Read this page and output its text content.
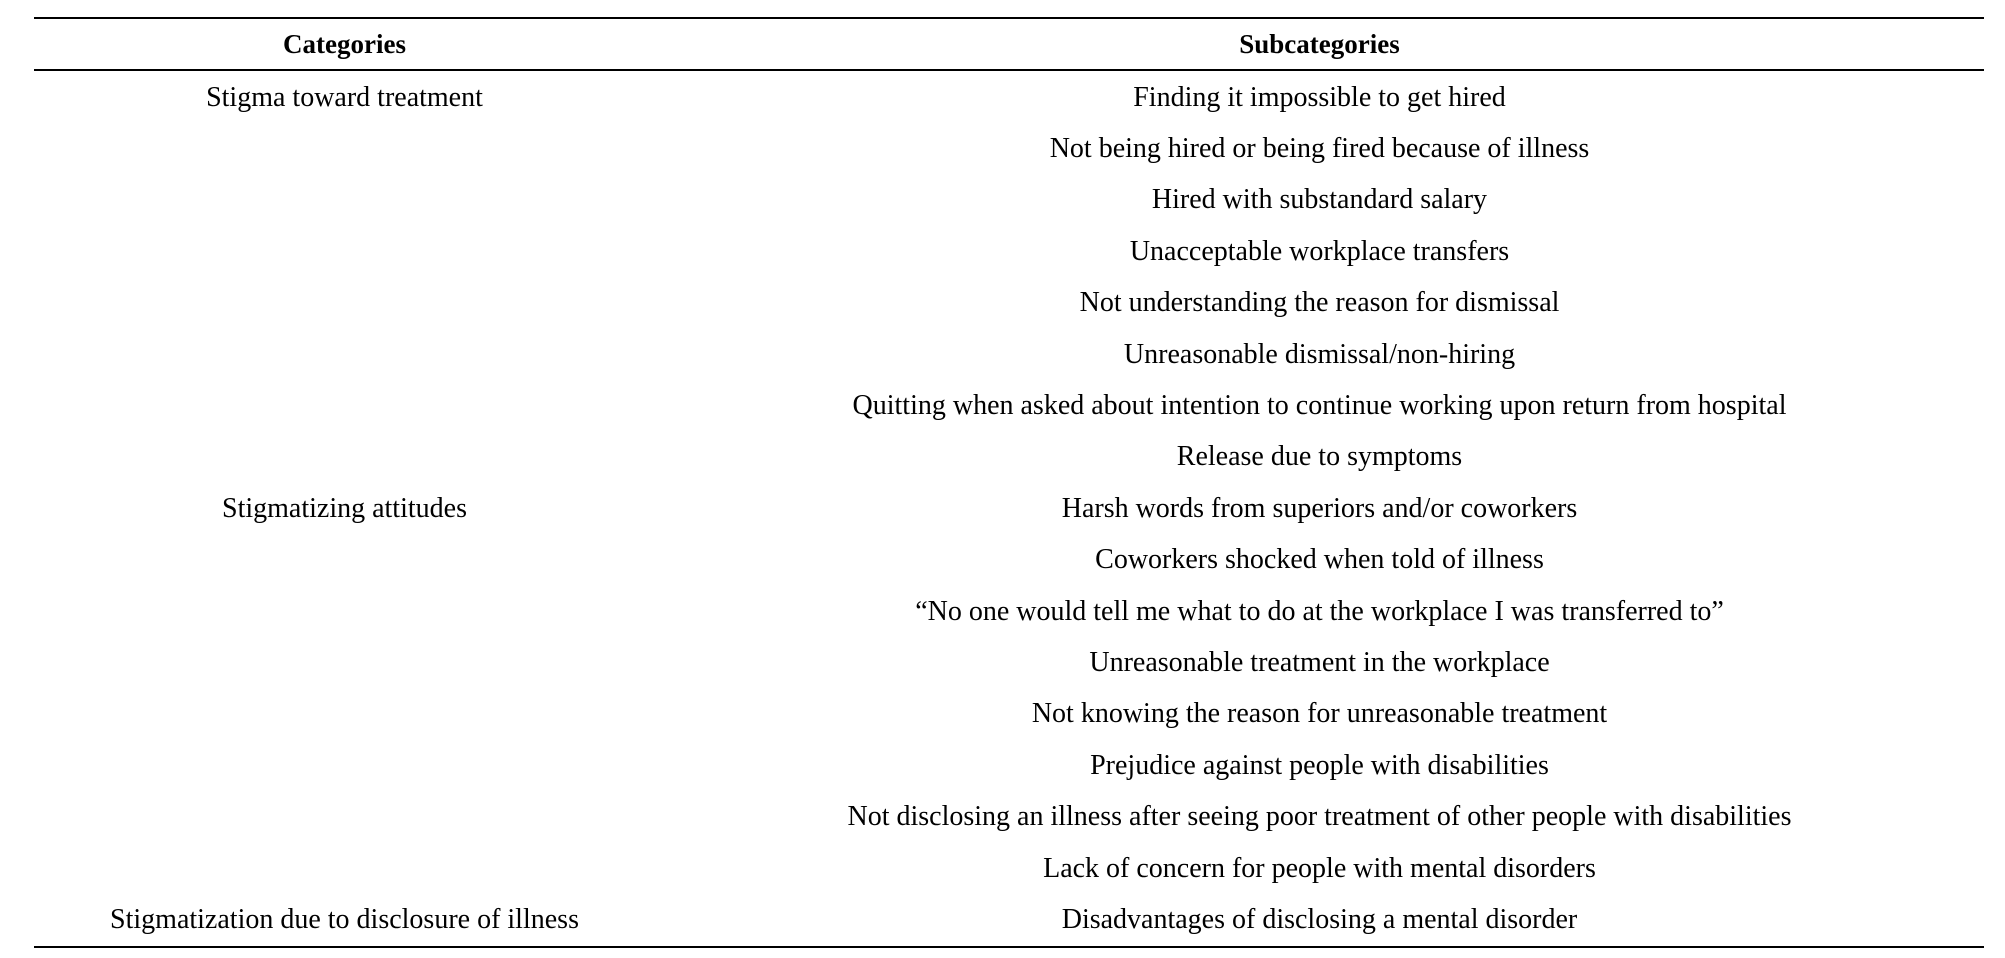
Categories	Subcategories
Stigma toward treatment	Finding it impossible to get hired
	Not being hired or being fired because of illness
	Hired with substandard salary
	Unacceptable workplace transfers
	Not understanding the reason for dismissal
	Unreasonable dismissal/non-hiring
	Quitting when asked about intention to continue working upon return from hospital
	Release due to symptoms
Stigmatizing attitudes	Harsh words from superiors and/or coworkers
	Coworkers shocked when told of illness
	“No one would tell me what to do at the workplace I was transferred to”
	Unreasonable treatment in the workplace
	Not knowing the reason for unreasonable treatment
	Prejudice against people with disabilities
	Not disclosing an illness after seeing poor treatment of other people with disabilities
	Lack of concern for people with mental disorders
Stigmatization due to disclosure of illness	Disadvantages of disclosing a mental disorder
